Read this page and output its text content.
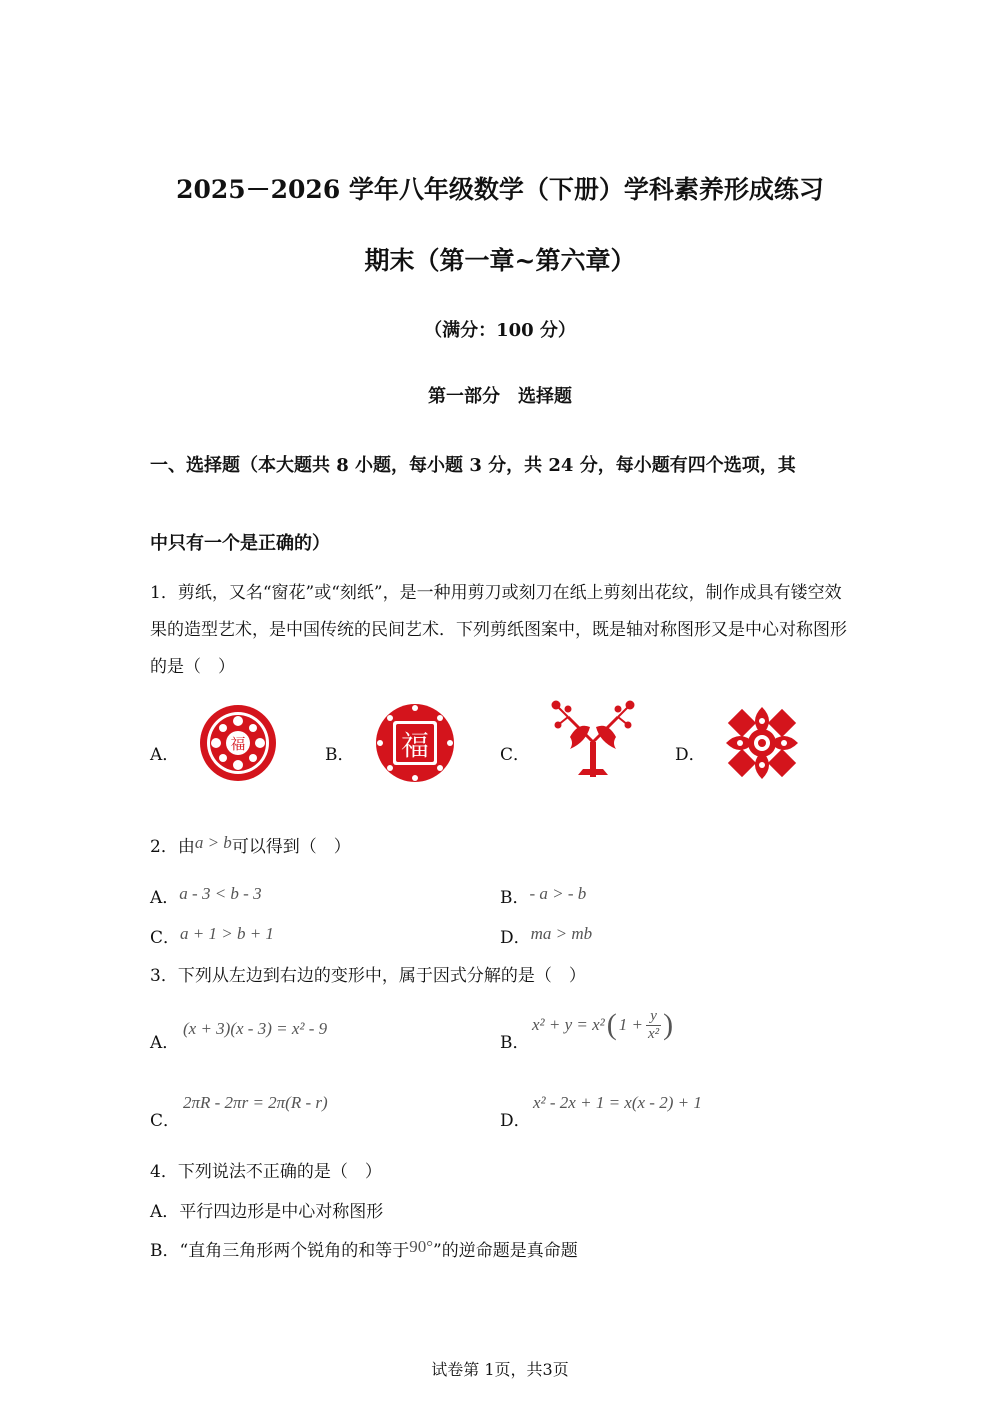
2025－2026 学年八年级数学（下册）学科素养形成练习
期末（第一章~第六章）
（满分：100 分）
第一部分　选择题
一、选择题（本大题共 8 小题，每小题 3 分，共 24 分，每小题有四个选项，其
中只有一个是正确的）
1．剪纸，又名“窗花”或“刻纸”，是一种用剪刀或刻刀在纸上剪刻出花纹，制作成具有镂空效果的造型艺术，是中国传统的民间艺术．下列剪纸图案中，既是轴对称图形又是中心对称图形的是（　）
A．
福
B． 福	C．	D．
2．由a > b可以得到（　）
A．a - 3 < b - 3	B．- a > - b
C．a + 1 > b + 1	D．ma > mb
3．下列从左边到右边的变形中，属于因式分解的是（　）
A．
(x + 3)(x - 3) = x² - 9
B．
x² + y = x² ( $1 + \frac{y}{\text{x²}}$ )
C．
2πR - 2πr = 2π(R - r)
D．
x² - 2x + 1 = x(x - 2) + 1
4．下列说法不正确的是（　）
A．平行四边形是中心对称图形
B．“直角三角形两个锐角的和等于90°”的逆命题是真命题
试卷第 1页，共3页
